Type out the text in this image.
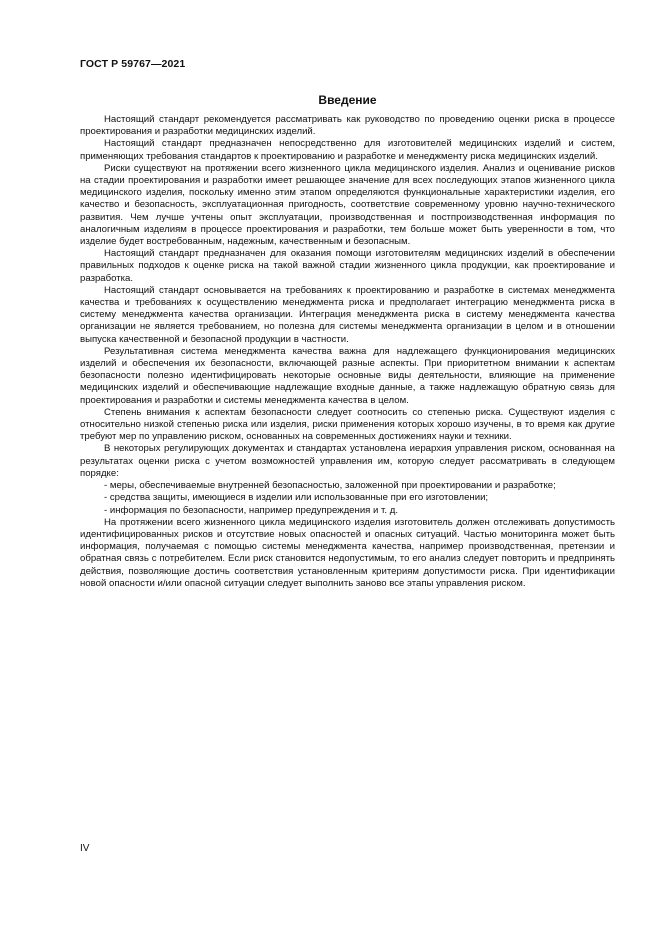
ГОСТ Р 59767—2021
Введение

Настоящий стандарт рекомендуется рассматривать как руководство по проведению оценки риска в процессе проектирования и разработки медицинских изделий.

Настоящий стандарт предназначен непосредственно для изготовителей медицинских изделий и систем, применяющих требования стандартов к проектированию и разработке и менеджменту риска медицинских изделий.

Риски существуют на протяжении всего жизненного цикла медицинского изделия. Анализ и оценивание рисков на стадии проектирования и разработки имеет решающее значение для всех последующих этапов жизненного цикла медицинского изделия, поскольку именно этим этапом определяются функциональные характеристики изделия, его качество и безопасность, эксплуатационная пригодность, соответствие современному уровню научно-технического развития. Чем лучше учтены опыт эксплуатации, производственная и постпроизводственная информация по аналогичным изделиям в процессе проектирования и разработки, тем больше может быть уверенности в том, что изделие будет востребованным, надежным, качественным и безопасным.

Настоящий стандарт предназначен для оказания помощи изготовителям медицинских изделий в обеспечении правильных подходов к оценке риска на такой важной стадии жизненного цикла продукции, как проектирование и разработка.

Настоящий стандарт основывается на требованиях к проектированию и разработке в системах менеджмента качества и требованиях к осуществлению менеджмента риска и предполагает интеграцию менеджмента риска в систему менеджмента качества организации. Интеграция менеджмента риска в систему менеджмента качества организации не является требованием, но полезна для системы менеджмента организации в целом и в отношении выпуска качественной и безопасной продукции в частности.

Результативная система менеджмента качества важна для надлежащего функционирования медицинских изделий и обеспечения их безопасности, включающей разные аспекты. При приоритетном внимании к аспектам безопасности полезно идентифицировать некоторые основные виды деятельности, влияющие на применение медицинских изделий и обеспечивающие надлежащие входные данные, а также надлежащую обратную связь для проектирования и разработки и системы менеджмента качества в целом.

Степень внимания к аспектам безопасности следует соотносить со степенью риска. Существуют изделия с относительно низкой степенью риска или изделия, риски применения которых хорошо изучены, в то время как другие требуют мер по управлению риском, основанных на современных достижениях науки и техники.

В некоторых регулирующих документах и стандартах установлена иерархия управления риском, основанная на результатах оценки риска с учетом возможностей управления им, которую следует рассматривать в следующем порядке:

- меры, обеспечиваемые внутренней безопасностью, заложенной при проектировании и разработке;

- средства защиты, имеющиеся в изделии или использованные при его изготовлении;

- информация по безопасности, например предупреждения и т. д.

На протяжении всего жизненного цикла медицинского изделия изготовитель должен отслеживать допустимость идентифицированных рисков и отсутствие новых опасностей и опасных ситуаций. Частью мониторинга может быть информация, получаемая с помощью системы менеджмента качества, например производственная, претензии и обратная связь с потребителем. Если риск становится недопустимым, то его анализ следует повторить и предпринять действия, позволяющие достичь соответствия установленным критериям допустимости риска. При идентификации новой опасности и/или опасной ситуации следует выполнить заново все этапы управления риском.

IV
